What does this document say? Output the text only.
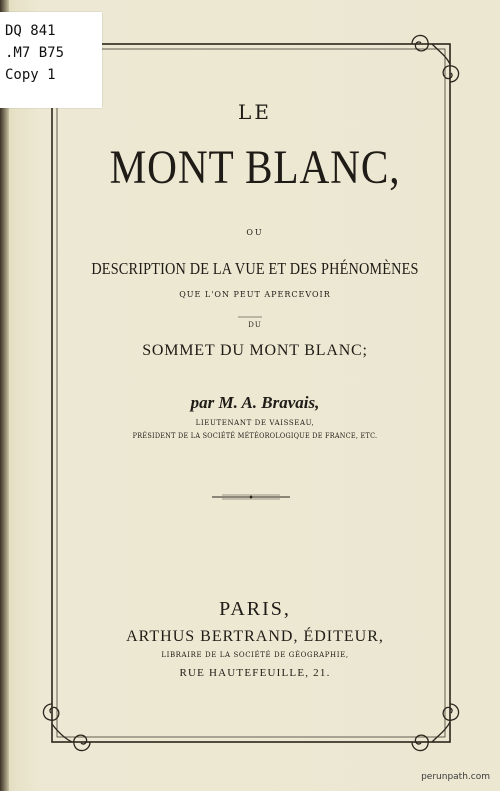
DQ 841
.M7 B75
Copy 1
LE
MONT BLANC,
OU
DESCRIPTION DE LA VUE ET DES PHÉNOMÈNES
QUE L'ON PEUT APERCEVOIR
DU
SOMMET DU MONT BLANC;
par M. A. Bravais,
LIEUTENANT DE VAISSEAU,
PRÉSIDENT DE LA SOCIÉTÉ MÉTÉOROLOGIQUE DE FRANCE, ETC.
PARIS,
ARTHUS BERTRAND, ÉDITEUR,
LIBRAIRE DE LA SOCIÉTÉ DE GÉOGRAPHIE,
RUE HAUTEFEUILLE, 21.
perunpath.com
